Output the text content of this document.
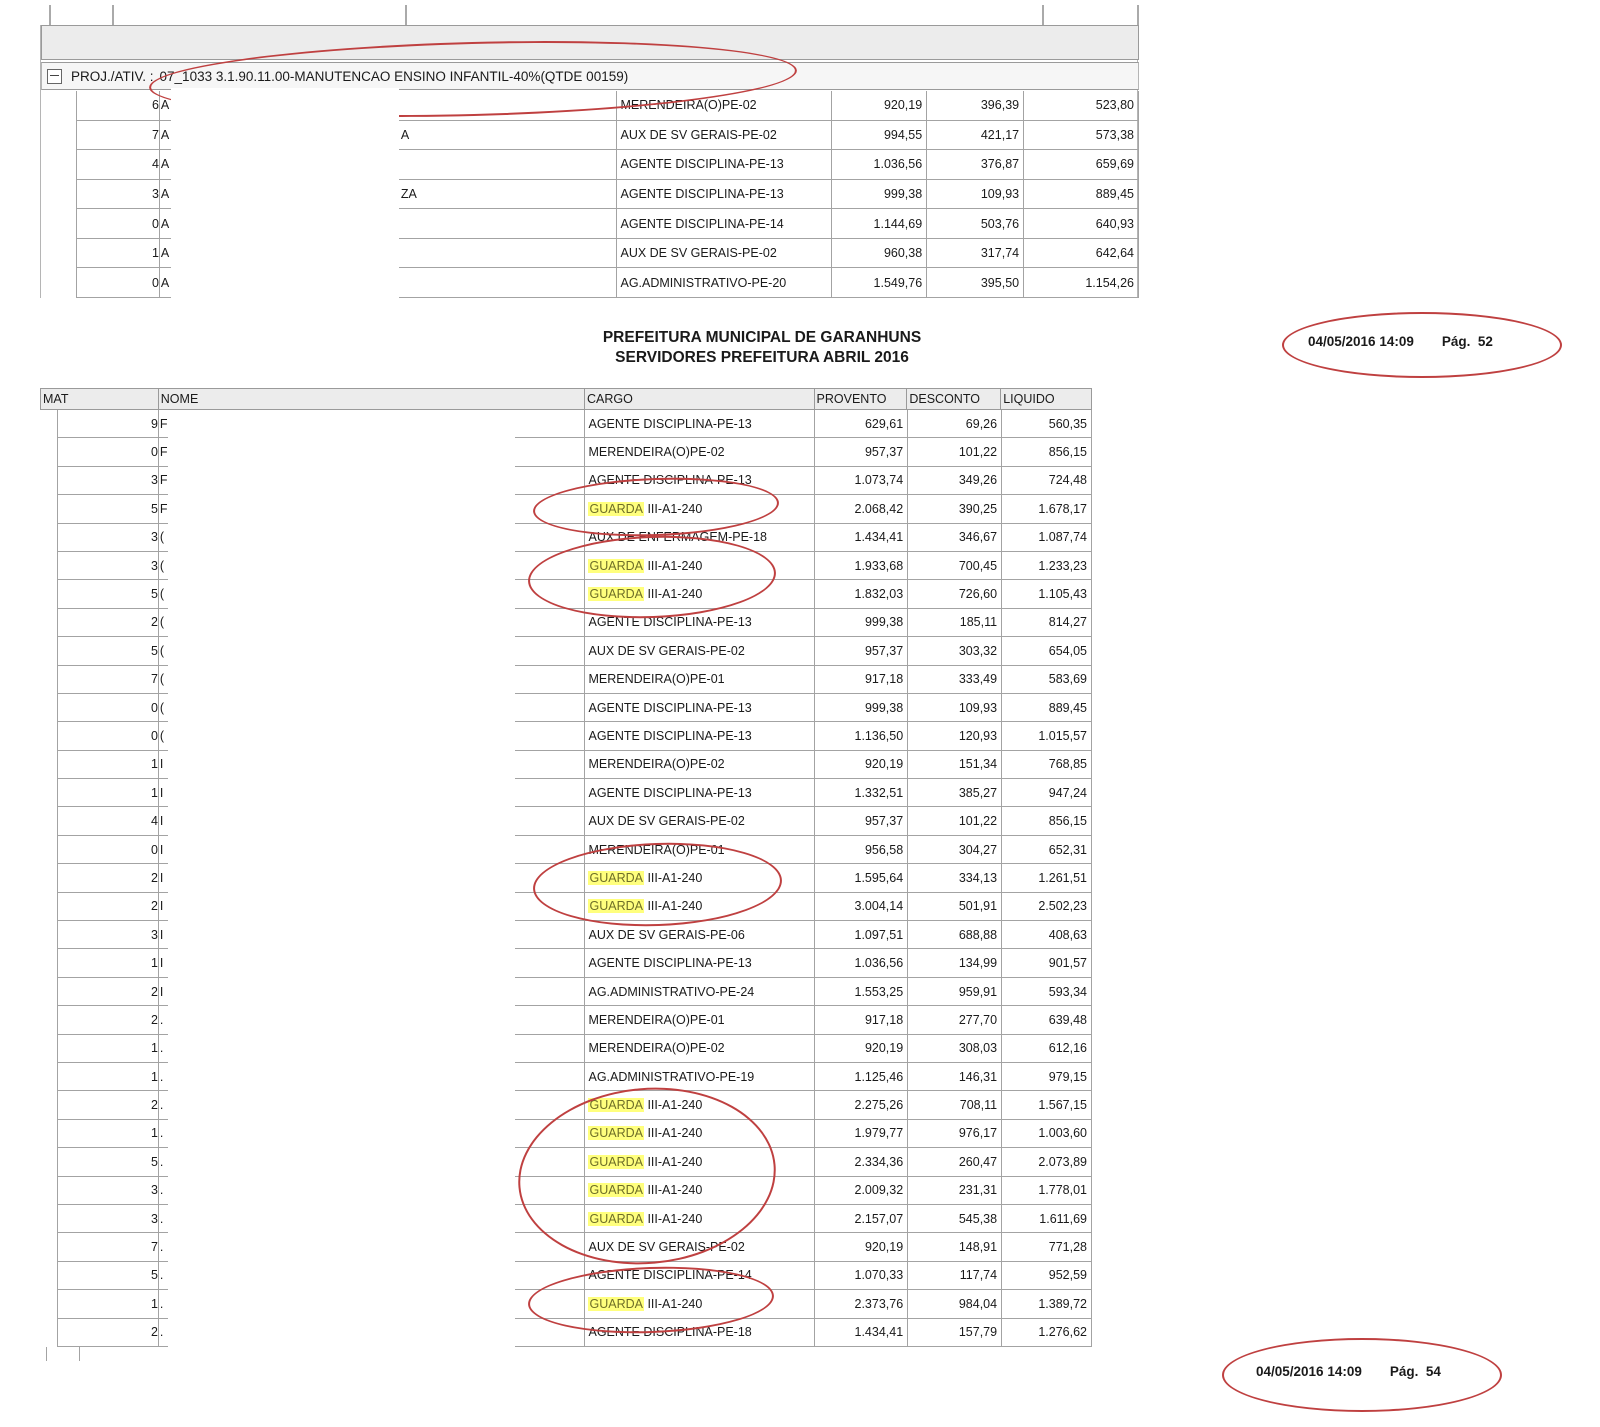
PROJ./ATIV. : 07_1033 3.1.90.11.00-MANUTENCAO ENSINO INFANTIL-40%(QTDE 00159)
6 A	MERENDEIRA(O)PE-02	920,19	396,39	523,80
7 A	A	AUX DE SV GERAIS-PE-02	994,55	421,17	573,38
4 A	AGENTE DISCIPLINA-PE-13	1.036,56	376,87	659,69
3 A	ZA	AGENTE DISCIPLINA-PE-13	999,38	109,93	889,45
0 A	AGENTE DISCIPLINA-PE-14	1.144,69	503,76	640,93
1 A	AUX DE SV GERAIS-PE-02	960,38	317,74	642,64
0 A	AG.ADMINISTRATIVO-PE-20	1.549,76	395,50	1.154,26
PREFEITURA MUNICIPAL DE GARANHUNS
SERVIDORES PREFEITURA ABRIL 2016
04/05/2016 14:09 Pág.  52
MAT	NOME	CARGO	PROVENTO	DESCONTO	LIQUIDO
9 F	AGENTE DISCIPLINA-PE-13	629,61	69,26	560,35
0 F	MERENDEIRA(O)PE-02	957,37	101,22	856,15
3 F	AGENTE DISCIPLINA-PE-13	1.073,74	349,26	724,48
5 F	GUARDA III-A1-240	2.068,42	390,25	1.678,17
3 (	AUX DE ENFERMAGEM-PE-18	1.434,41	346,67	1.087,74
3 (	GUARDA III-A1-240	1.933,68	700,45	1.233,23
5 (	GUARDA III-A1-240	1.832,03	726,60	1.105,43
2 (	AGENTE DISCIPLINA-PE-13	999,38	185,11	814,27
5 (	AUX DE SV GERAIS-PE-02	957,37	303,32	654,05
7 (	MERENDEIRA(O)PE-01	917,18	333,49	583,69
0 (	AGENTE DISCIPLINA-PE-13	999,38	109,93	889,45
0 (	AGENTE DISCIPLINA-PE-13	1.136,50	120,93	1.015,57
1 I	MERENDEIRA(O)PE-02	920,19	151,34	768,85
1 I	AGENTE DISCIPLINA-PE-13	1.332,51	385,27	947,24
4 I	AUX DE SV GERAIS-PE-02	957,37	101,22	856,15
0 I	MERENDEIRA(O)PE-01	956,58	304,27	652,31
2 I	GUARDA III-A1-240	1.595,64	334,13	1.261,51
2 I	GUARDA III-A1-240	3.004,14	501,91	2.502,23
3 I	AUX DE SV GERAIS-PE-06	1.097,51	688,88	408,63
1 I	AGENTE DISCIPLINA-PE-13	1.036,56	134,99	901,57
2 I	AG.ADMINISTRATIVO-PE-24	1.553,25	959,91	593,34
2 .	MERENDEIRA(O)PE-01	917,18	277,70	639,48
1 .	MERENDEIRA(O)PE-02	920,19	308,03	612,16
1 .	AG.ADMINISTRATIVO-PE-19	1.125,46	146,31	979,15
2 .	GUARDA III-A1-240	2.275,26	708,11	1.567,15
1 .	GUARDA III-A1-240	1.979,77	976,17	1.003,60
5 .	GUARDA III-A1-240	2.334,36	260,47	2.073,89
3 .	GUARDA III-A1-240	2.009,32	231,31	1.778,01
3 .	GUARDA III-A1-240	2.157,07	545,38	1.611,69
7 .	AUX DE SV GERAIS-PE-02	920,19	148,91	771,28
5 .	AGENTE DISCIPLINA-PE-14	1.070,33	117,74	952,59
1 .	GUARDA III-A1-240	2.373,76	984,04	1.389,72
2 .	AGENTE DISCIPLINA-PE-18	1.434,41	157,79	1.276,62
04/05/2016 14:09 Pág.  54
